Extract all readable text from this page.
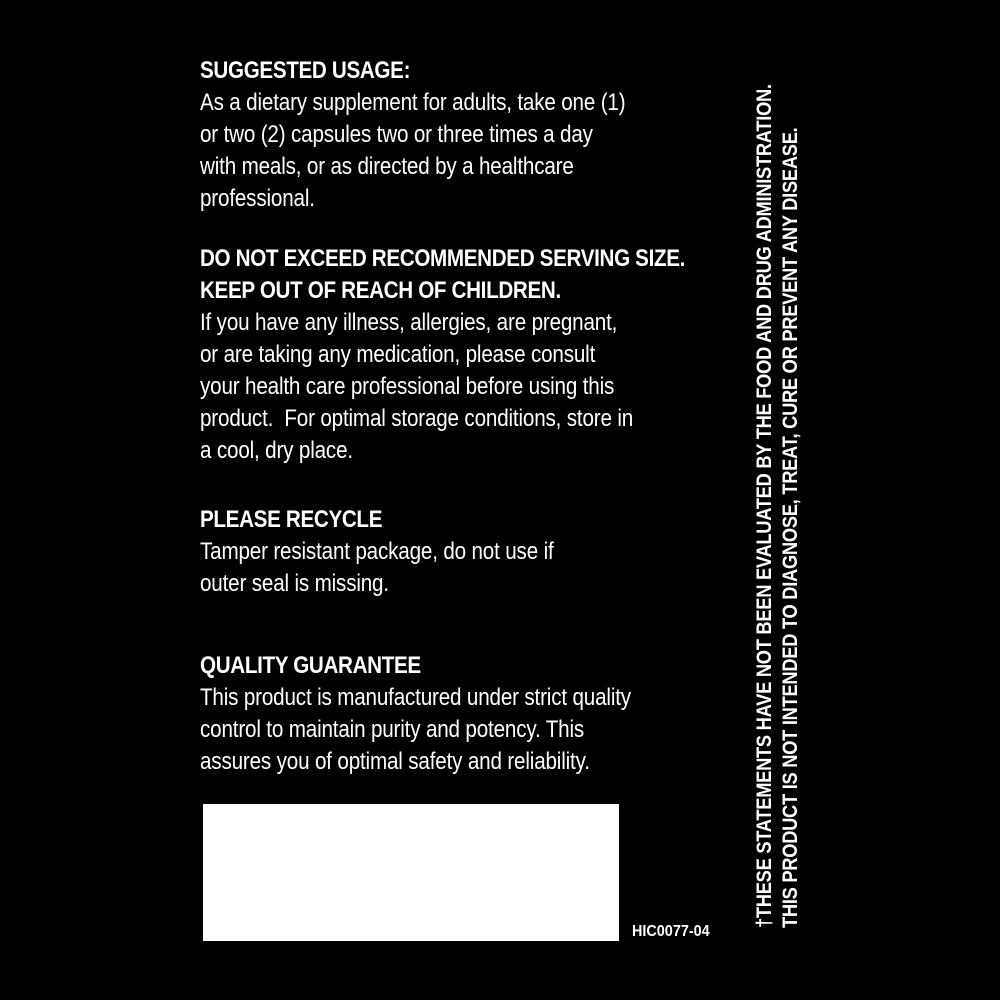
SUGGESTED USAGE:
As a dietary supplement for adults, take one (1)
or two (2) capsules two or three times a day
with meals, or as directed by a healthcare
professional.
DO NOT EXCEED RECOMMENDED SERVING SIZE.
KEEP OUT OF REACH OF CHILDREN.
If you have any illness, allergies, are pregnant,
or are taking any medication, please consult
your health care professional before using this
product.  For optimal storage conditions, store in
a cool, dry place.
PLEASE RECYCLE
Tamper resistant package, do not use if
outer seal is missing.
QUALITY GUARANTEE
This product is manufactured under strict quality
control to maintain purity and potency. This
assures you of optimal safety and reliability.
HIC0077-04
†THESE STATEMENTS HAVE NOT BEEN EVALUATED BY THE FOOD AND DRUG ADMINISTRATION. THIS PRODUCT IS NOT INTENDED TO DIAGNOSE, TREAT, CURE OR PREVENT ANY DISEASE.
